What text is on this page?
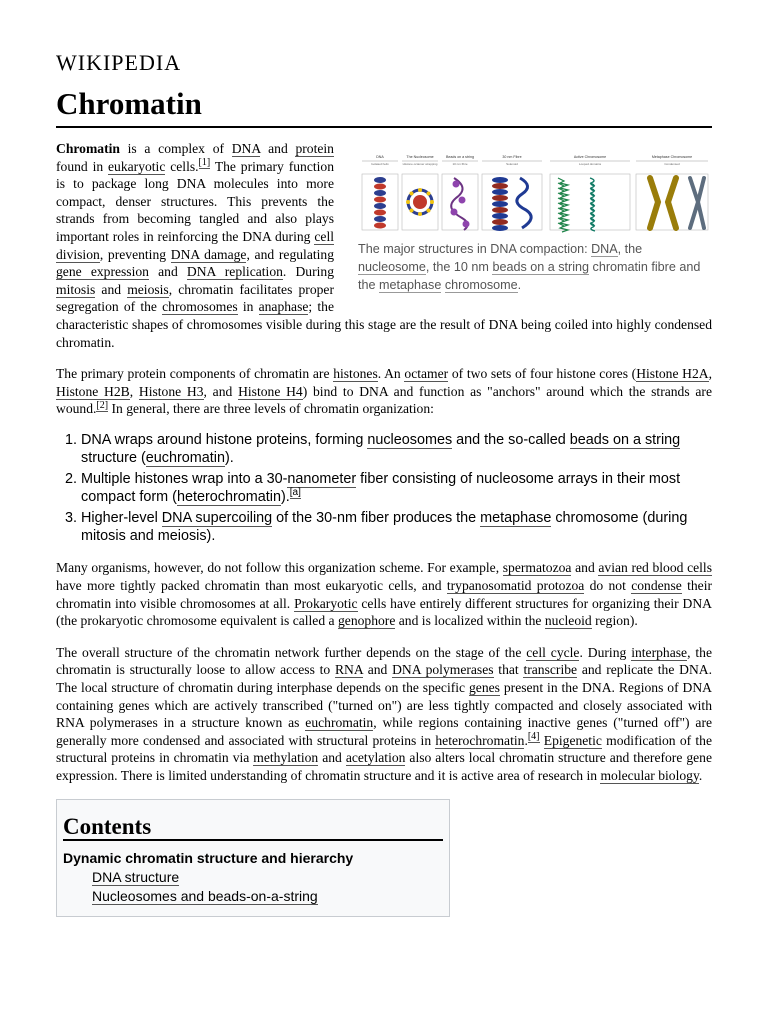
WIKIPEDIA
Chromatin
DNA
Isolated helix
The Nucleosome
Histone octamer wrapping
Beads on a string
10 nm fibre
30 nm Fibre
Solenoid
Active Chromosome
Looped domains
Metaphase Chromosome
Condensed
The major structures in DNA compaction: DNA, the nucleosome, the 10 nm beads on a string chromatin fibre and the metaphase chromosome.

Chromatin is a complex of DNA and protein found in eukaryotic cells.[1] The primary function is to package long DNA molecules into more compact, denser structures. This prevents the strands from becoming tangled and also plays important roles in reinforcing the DNA during cell division, preventing DNA damage, and regulating gene expression and DNA replication. During mitosis and meiosis, chromatin facilitates proper segregation of the chromosomes in anaphase; the characteristic shapes of chromosomes visible during this stage are the result of DNA being coiled into highly condensed chromatin.

The primary protein components of chromatin are histones. An octamer of two sets of four histone cores (Histone H2A, Histone H2B, Histone H3, and Histone H4) bind to DNA and function as "anchors" around which the strands are wound.[2] In general, there are three levels of chromatin organization:

1. DNA wraps around histone proteins, forming nucleosomes and the so-called beads on a string structure (euchromatin).
2. Multiple histones wrap into a 30-nanometer fiber consisting of nucleosome arrays in their most compact form (heterochromatin).[a]
3. Higher-level DNA supercoiling of the 30-nm fiber produces the metaphase chromosome (during mitosis and meiosis).

Many organisms, however, do not follow this organization scheme. For example, spermatozoa and avian red blood cells have more tightly packed chromatin than most eukaryotic cells, and trypanosomatid protozoa do not condense their chromatin into visible chromosomes at all. Prokaryotic cells have entirely different structures for organizing their DNA (the prokaryotic chromosome equivalent is called a genophore and is localized within the nucleoid region).

The overall structure of the chromatin network further depends on the stage of the cell cycle. During interphase, the chromatin is structurally loose to allow access to RNA and DNA polymerases that transcribe and replicate the DNA. The local structure of chromatin during interphase depends on the specific genes present in the DNA. Regions of DNA containing genes which are actively transcribed ("turned on") are less tightly compacted and closely associated with RNA polymerases in a structure known as euchromatin, while regions containing inactive genes ("turned off") are generally more condensed and associated with structural proteins in heterochromatin.[4] Epigenetic modification of the structural proteins in chromatin via methylation and acetylation also alters local chromatin structure and therefore gene expression. There is limited understanding of chromatin structure and it is active area of research in molecular biology.

Contents
Dynamic chromatin structure and hierarchy
DNA structure
Nucleosomes and beads-on-a-string
